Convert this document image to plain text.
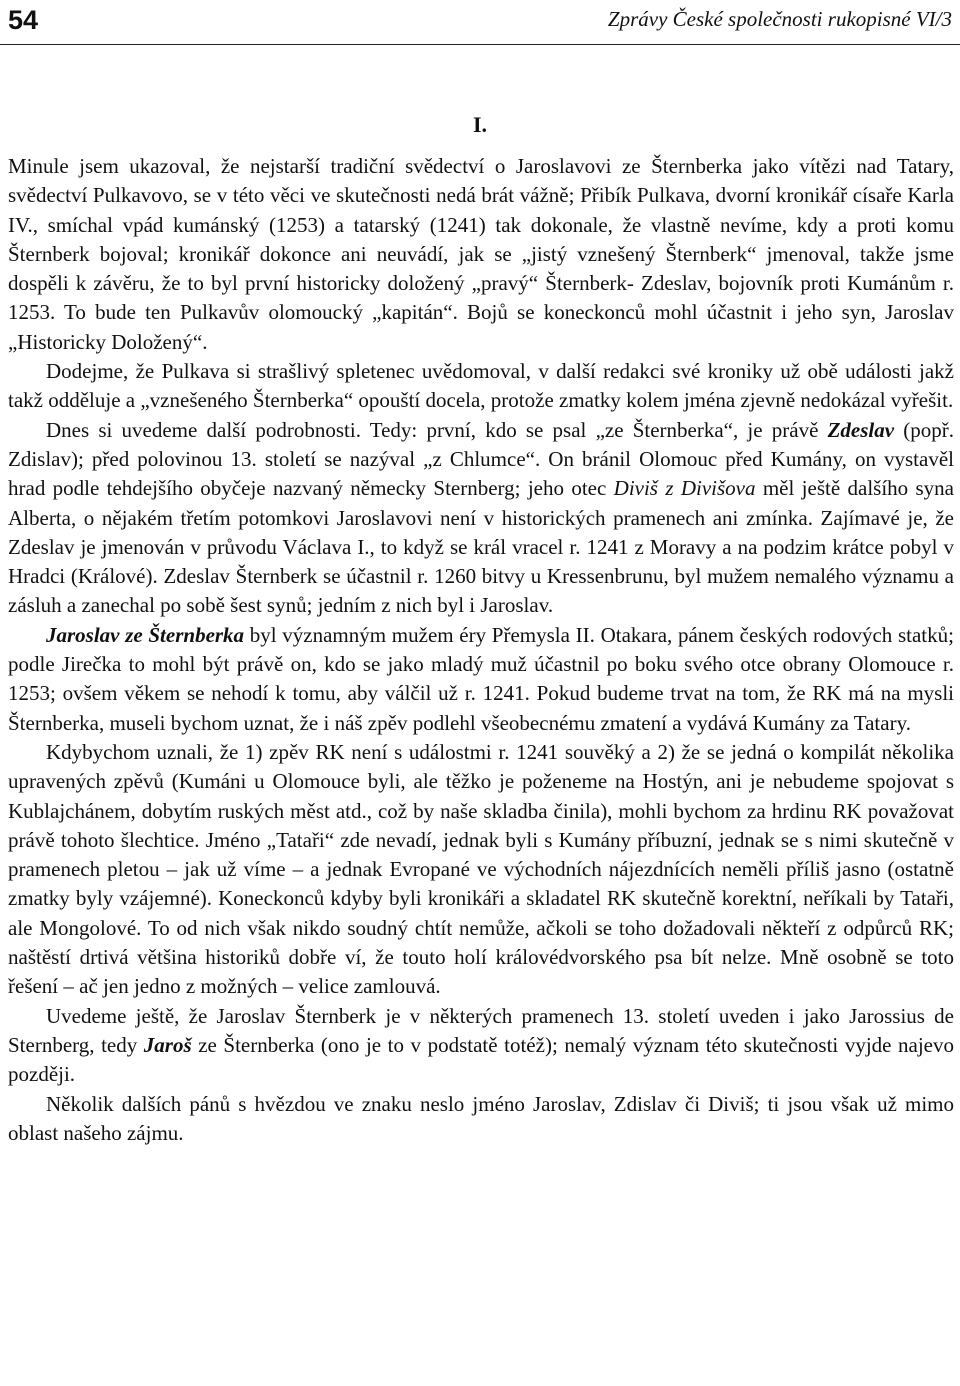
54	Zprávy České společnosti rukopisné VI/3
I.

Minule jsem ukazoval, že nejstarší tradiční svědectví o Jaroslavovi ze Šternberka jako vítězi nad Tatary, svědectví Pulkavovo, se v této věci ve skutečnosti nedá brát vážně; Přibík Pulkava, dvorní kronikář císaře Karla IV., smíchal vpád kumánský (1253) a tatarský (1241) tak dokonale, že vlastně nevíme, kdy a proti komu Šternberk bojoval; kronikář dokonce ani neuvádí, jak se „jistý vznešený Šternberk“ jmenoval, takže jsme dospěli k závěru, že to byl první historicky doložený „pravý“ Šternberk- Zdeslav, bojovník proti Kumánům r. 1253. To bude ten Pulkavův olomoucký „kapitán“. Bojů se koneckonců mohl účastnit i jeho syn, Jaroslav „Historicky Doložený“.

Dodejme, že Pulkava si strašlivý spletenec uvědomoval, v další redakci své kroniky už obě události jakž takž odděluje a „vznešeného Šternberka“ opouští docela, protože zmatky kolem jména zjevně nedokázal vyřešit.

Dnes si uvedeme další podrobnosti. Tedy: první, kdo se psal „ze Šternberka“, je právě Zdeslav (popř. Zdislav); před polovinou 13. století se nazýval „z Chlumce“. On bránil Olomouc před Kumány, on vystavěl hrad podle tehdejšího obyčeje nazvaný německy Sternberg; jeho otec Diviš z Divišova měl ještě dalšího syna Alberta, o nějakém třetím potomkovi Jaroslavovi není v historických pramenech ani zmínka. Zajímavé je, že Zdeslav je jmenován v průvodu Václava I., to když se král vracel r. 1241 z Moravy a na podzim krátce pobyl v Hradci (Králové). Zdeslav Šternberk se účastnil r. 1260 bitvy u Kressenbrunu, byl mužem nemalého významu a zásluh a zanechal po sobě šest synů; jedním z nich byl i Jaroslav.

Jaroslav ze Šternberka byl významným mužem éry Přemysla II. Otakara, pánem českých rodových statků; podle Jirečka to mohl být právě on, kdo se jako mladý muž účastnil po boku svého otce obrany Olomouce r. 1253; ovšem věkem se nehodí k tomu, aby válčil už r. 1241. Pokud budeme trvat na tom, že RK má na mysli Šternberka, museli bychom uznat, že i náš zpěv podlehl všeobecnému zmatení a vydává Kumány za Tatary.

Kdybychom uznali, že 1) zpěv RK není s událostmi r. 1241 souvěký a 2) že se jedná o kompilát několika upravených zpěvů (Kumáni u Olomouce byli, ale těžko je poženeme na Hostýn, ani je nebudeme spojovat s Kublajchánem, dobytím ruských měst atd., což by naše skladba činila), mohli bychom za hrdinu RK považovat právě tohoto šlechtice. Jméno „Tataři“ zde nevadí, jednak byli s Kumány příbuzní, jednak se s nimi skutečně v pramenech pletou – jak už víme – a jednak Evropané ve východních nájezdnících neměli příliš jasno (ostatně zmatky byly vzájemné). Koneckonců kdyby byli kronikáři a skladatel RK skutečně korektní, neříkali by Tataři, ale Mongolové. To od nich však nikdo soudný chtít nemůže, ačkoli se toho dožadovali někteří z odpůrců RK; naštěstí drtivá většina historiků dobře ví, že touto holí královédvorského psa bít nelze. Mně osobně se toto řešení – ač jen jedno z možných – velice zamlouvá.

Uvedeme ještě, že Jaroslav Šternberk je v některých pramenech 13. století uveden i jako Jarossius de Sternberg, tedy Jaroš ze Šternberka (ono je to v podstatě totéž); nemalý význam této skutečnosti vyjde najevo později.

Několik dalších pánů s hvězdou ve znaku neslo jméno Jaroslav, Zdislav či Diviš; ti jsou však už mimo oblast našeho zájmu.
